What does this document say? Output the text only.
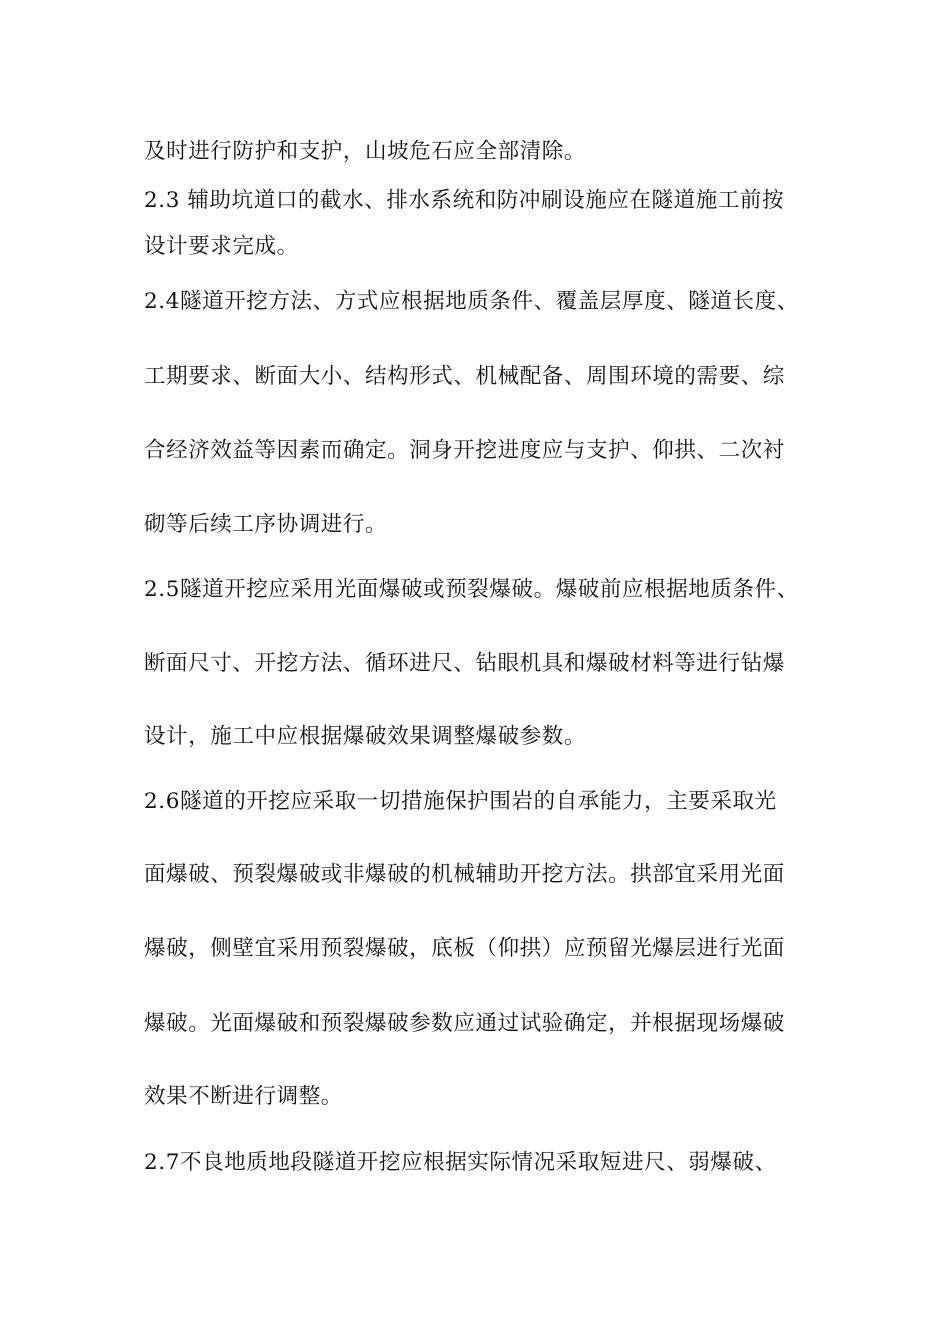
及时进行防护和支护，山坡危石应全部清除。
2.3 辅助坑道口的截水、排水系统和防冲刷设施应在隧道施工前按
设计要求完成。
2.4隧道开挖方法、方式应根据地质条件、覆盖层厚度、隧道长度、
工期要求、断面大小、结构形式、机械配备、周围环境的需要、综
合经济效益等因素而确定。洞身开挖进度应与支护、仰拱、二次衬
砌等后续工序协调进行。
2.5隧道开挖应采用光面爆破或预裂爆破。爆破前应根据地质条件、
断面尺寸、开挖方法、循环进尺、钻眼机具和爆破材料等进行钻爆
设计，施工中应根据爆破效果调整爆破参数。
2.6隧道的开挖应采取一切措施保护围岩的自承能力，主要采取光
面爆破、预裂爆破或非爆破的机械辅助开挖方法。拱部宜采用光面
爆破，侧壁宜采用预裂爆破，底板（仰拱）应预留光爆层进行光面
爆破。光面爆破和预裂爆破参数应通过试验确定，并根据现场爆破
效果不断进行调整。
2.7不良地质地段隧道开挖应根据实际情况采取短进尺、弱爆破、
